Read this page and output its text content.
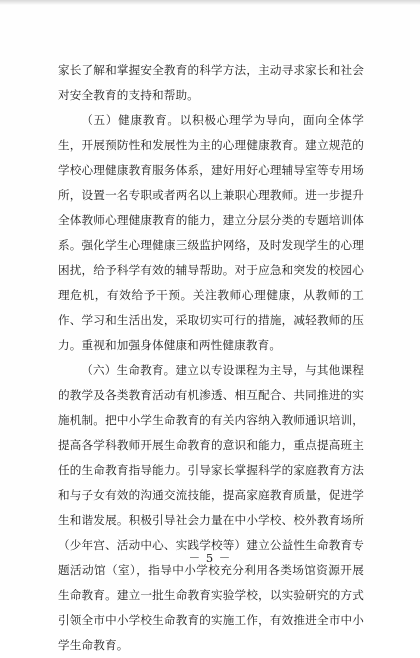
家长了解和掌握安全教育的科学方法，主动寻求家长和社会对安全教育的支持和帮助。

（五）健康教育。以积极心理学为导向，面向全体学生，开展预防性和发展性为主的心理健康教育。建立规范的学校心理健康教育服务体系，建好用好心理辅导室等专用场所，设置一名专职或者两名以上兼职心理教师。进一步提升全体教师心理健康教育的能力，建立分层分类的专题培训体系。强化学生心理健康三级监护网络，及时发现学生的心理困扰，给予科学有效的辅导帮助。对于应急和突发的校园心理危机，有效给予干预。关注教师心理健康，从教师的工作、学习和生活出发，采取切实可行的措施，减轻教师的压力。重视和加强身体健康和两性健康教育。

（六）生命教育。建立以专设课程为主导，与其他课程的教学及各类教育活动有机渗透、相互配合、共同推进的实施机制。把中小学生命教育的有关内容纳入教师通识培训，提高各学科教师开展生命教育的意识和能力，重点提高班主任的生命教育指导能力。引导家长掌握科学的家庭教育方法和与子女有效的沟通交流技能，提高家庭教育质量，促进学生和谐发展。积极引导社会力量在中小学校、校外教育场所（少年宫、活动中心、实践学校等）建立公益性生命教育专题活动馆（室），指导中小学校充分利用各类场馆资源开展生命教育。建立一批生命教育实验学校，以实验研究的方式引领全市中小学校生命教育的实施工作，有效推进全市中小学生命教育。

－ 5 －
